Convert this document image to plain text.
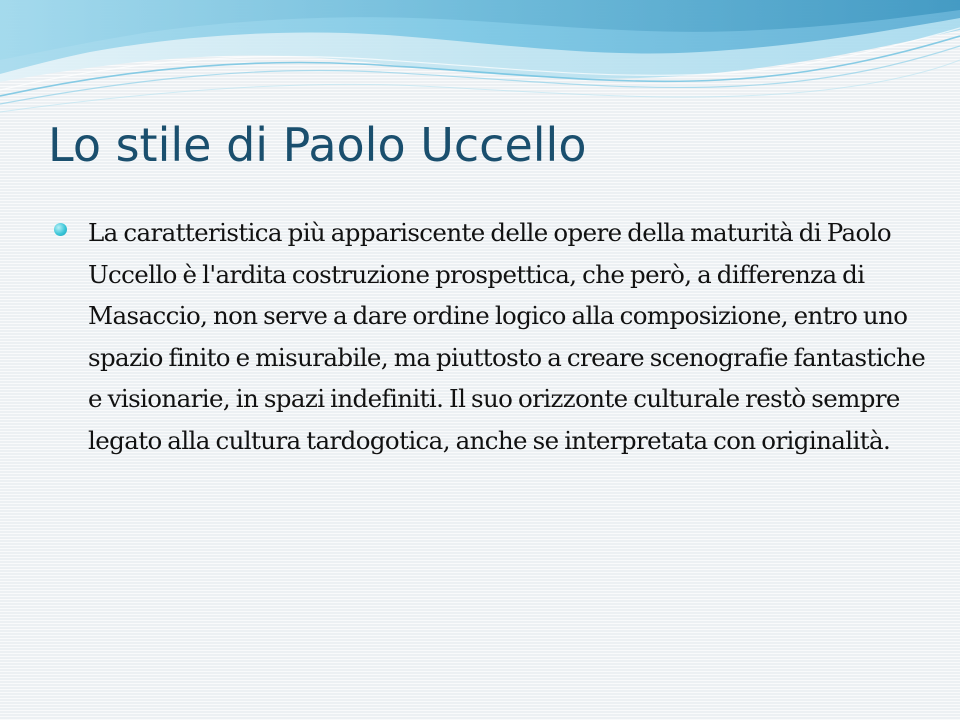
Lo stile di Paolo Uccello
La caratteristica più appariscente delle opere della maturità di Paolo Uccello è l'ardita costruzione prospettica, che però, a differenza di Masaccio, non serve a dare ordine logico alla composizione, entro uno spazio finito e misurabile, ma piuttosto a creare scenografie fantastiche e visionarie, in spazi indefiniti. Il suo orizzonte culturale restò sempre legato alla cultura tardogotica, anche se interpretata con originalità.
